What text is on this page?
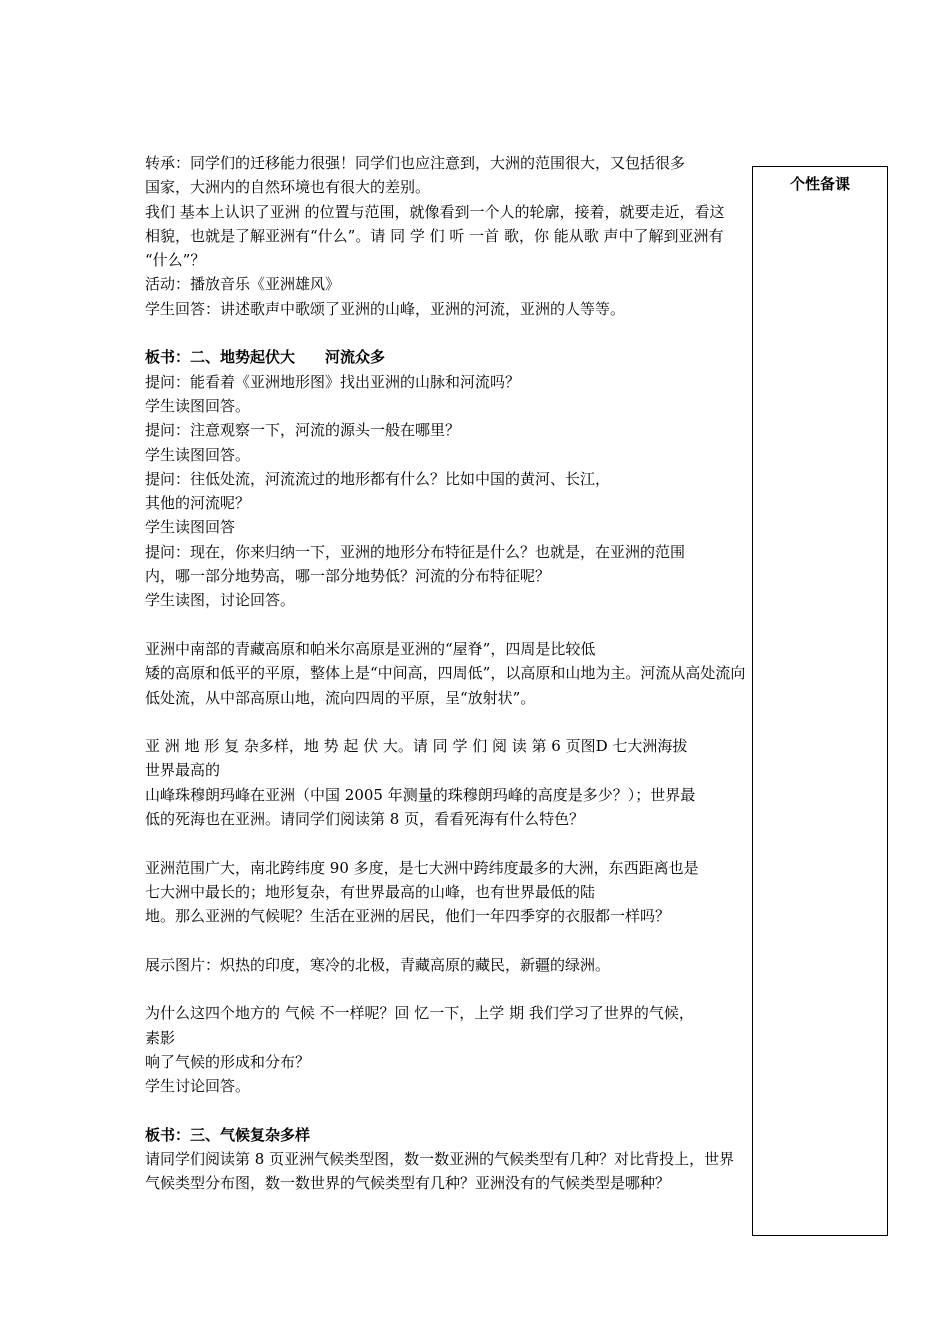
转承：同学们的迁移能力很强！同学们也应注意到，大洲的范围很大，又包括很多
国家，大洲内的自然环境也有很大的差别。
我们 基本上认识了亚洲 的位置与范围，就像看到一个人的轮廓，接着，就要走近，看这
相貌，也就是了解亚洲有“什么”。请 同 学 们 听 一首 歌，你 能从歌 声中了解到亚洲有
“什么”？
活动：播放音乐《亚洲雄风》
学生回答：讲述歌声中歌颂了亚洲的山峰，亚洲的河流，亚洲的人等等。
板书：二、地势起伏大　　河流众多
提问：能看着《亚洲地形图》找出亚洲的山脉和河流吗？
学生读图回答。
提问：注意观察一下，河流的源头一般在哪里？
学生读图回答。
提问：往低处流，河流流过的地形都有什么？比如中国的黄河、长江，
其他的河流呢？
学生读图回答
提问：现在，你来归纳一下，亚洲的地形分布特征是什么？也就是，在亚洲的范围
内，哪一部分地势高，哪一部分地势低？河流的分布特征呢？
学生读图，讨论回答。
亚洲中南部的青藏高原和帕米尔高原是亚洲的“屋脊”，四周是比较低
矮的高原和低平的平原，整体上是“中间高，四周低”，以高原和山地为主。河流从高处流向
低处流，从中部高原山地，流向四周的平原，呈“放射状”。
亚 洲 地 形 复 杂多样，地 势 起 伏 大。请 同 学 们 阅 读 第 6 页图D 七大洲海拔
世界最高的
山峰珠穆朗玛峰在亚洲（中国 2005 年测量的珠穆朗玛峰的高度是多少？）；世界最
低的死海也在亚洲。请同学们阅读第 8 页，看看死海有什么特色？
亚洲范围广大，南北跨纬度 90 多度，是七大洲中跨纬度最多的大洲，东西距离也是
七大洲中最长的；地形复杂，有世界最高的山峰，也有世界最低的陆
地。那么亚洲的气候呢？生活在亚洲的居民，他们一年四季穿的衣服都一样吗？
展示图片：炽热的印度，寒冷的北极，青藏高原的藏民，新疆的绿洲。
为什么这四个地方的 气候 不一样呢？回 忆一下，上学 期 我们学习了世界的气候，
素影
响了气候的形成和分布？
学生讨论回答。
板书：三、气候复杂多样
请同学们阅读第 8 页亚洲气候类型图，数一数亚洲的气候类型有几种？对比背投上，世界
气候类型分布图，数一数世界的气候类型有几种？亚洲没有的气候类型是哪种？
个性备课
